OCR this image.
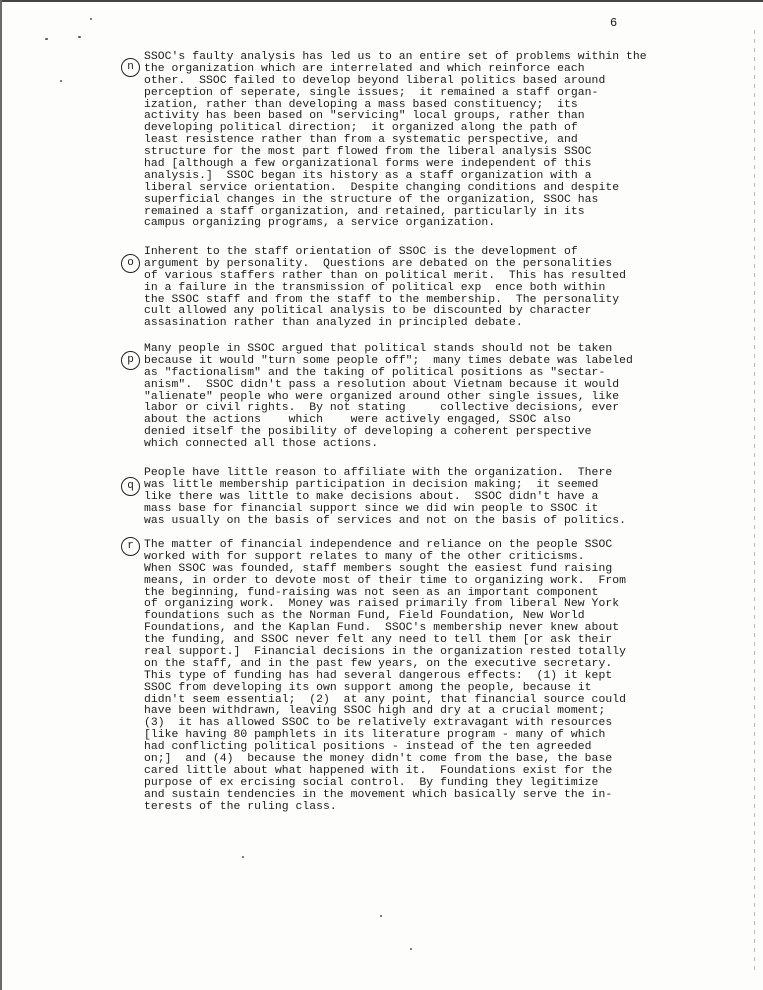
6
n
SSOC's faulty analysis has led us to an entire set of problems within the
the organization which are interrelated and which reinforce each
other.  SSOC failed to develop beyond liberal politics based around
perception of seperate, single issues;  it remained a staff organ-
ization, rather than developing a mass based constituency;  its
activity has been based on "servicing" local groups, rather than
developing political direction;  it organized along the path of
least resistence rather than from a systematic perspective, and
structure for the most part flowed from the liberal analysis SSOC
had [although a few organizational forms were independent of this
analysis.]  SSOC began its history as a staff organization with a
liberal service orientation.  Despite changing conditions and despite
superficial changes in the structure of the organization, SSOC has
remained a staff organization, and retained, particularly in its
campus organizing programs, a service organization.
o
Inherent to the staff orientation of SSOC is the development of
argument by personality.  Questions are debated on the personalities
of various staffers rather than on political merit.  This has resulted
in a failure in the transmission of political exp  ence both within
the SSOC staff and from the staff to the membership.  The personality
cult allowed any political analysis to be discounted by character
assasination rather than analyzed in principled debate.
p
Many people in SSOC argued that political stands should not be taken
because it would "turn some people off";  many times debate was labeled
as "factionalism" and the taking of political positions as "sectar-
anism".  SSOC didn't pass a resolution about Vietnam because it would
"alienate" people who were organized around other single issues, like
labor or civil rights.  By not stating     collective decisions, ever
about the actions    which    were actively engaged, SSOC also
denied itself the posibility of developing a coherent perspective
which connected all those actions.
q
People have little reason to affiliate with the organization.  There
was little membership participation in decision making;  it seemed
like there was little to make decisions about.  SSOC didn't have a
mass base for financial support since we did win people to SSOC it
was usually on the basis of services and not on the basis of politics.
r The matter of financial independence and reliance on the people SSOC
worked with for support relates to many of the other criticisms.
When SSOC was founded, staff members sought the easiest fund raising
means, in order to devote most of their time to organizing work.  From
the beginning, fund-raising was not seen as an important component
of organizing work.  Money was raised primarily from liberal New York
foundations such as the Norman Fund, Field Foundation, New World
Foundations, and the Kaplan Fund.  SSOC's membership never knew about
the funding, and SSOC never felt any need to tell them [or ask their
real support.]  Financial decisions in the organization rested totally
on the staff, and in the past few years, on the executive secretary.
This type of funding has had several dangerous effects:  (1) it kept
SSOC from developing its own support among the people, because it
didn't seem essential;  (2)  at any point, that financial source could
have been withdrawn, leaving SSOC high and dry at a crucial moment;
(3)  it has allowed SSOC to be relatively extravagant with resources
[like having 80 pamphlets in its literature program - many of which
had conflicting political positions - instead of the ten agreeded
on;]  and (4)  because the money didn't come from the base, the base
cared little about what happened with it.  Foundations exist for the
purpose of ex ercising social control.  By funding they legitimize
and sustain tendencies in the movement which basically serve the in-
terests of the ruling class.
